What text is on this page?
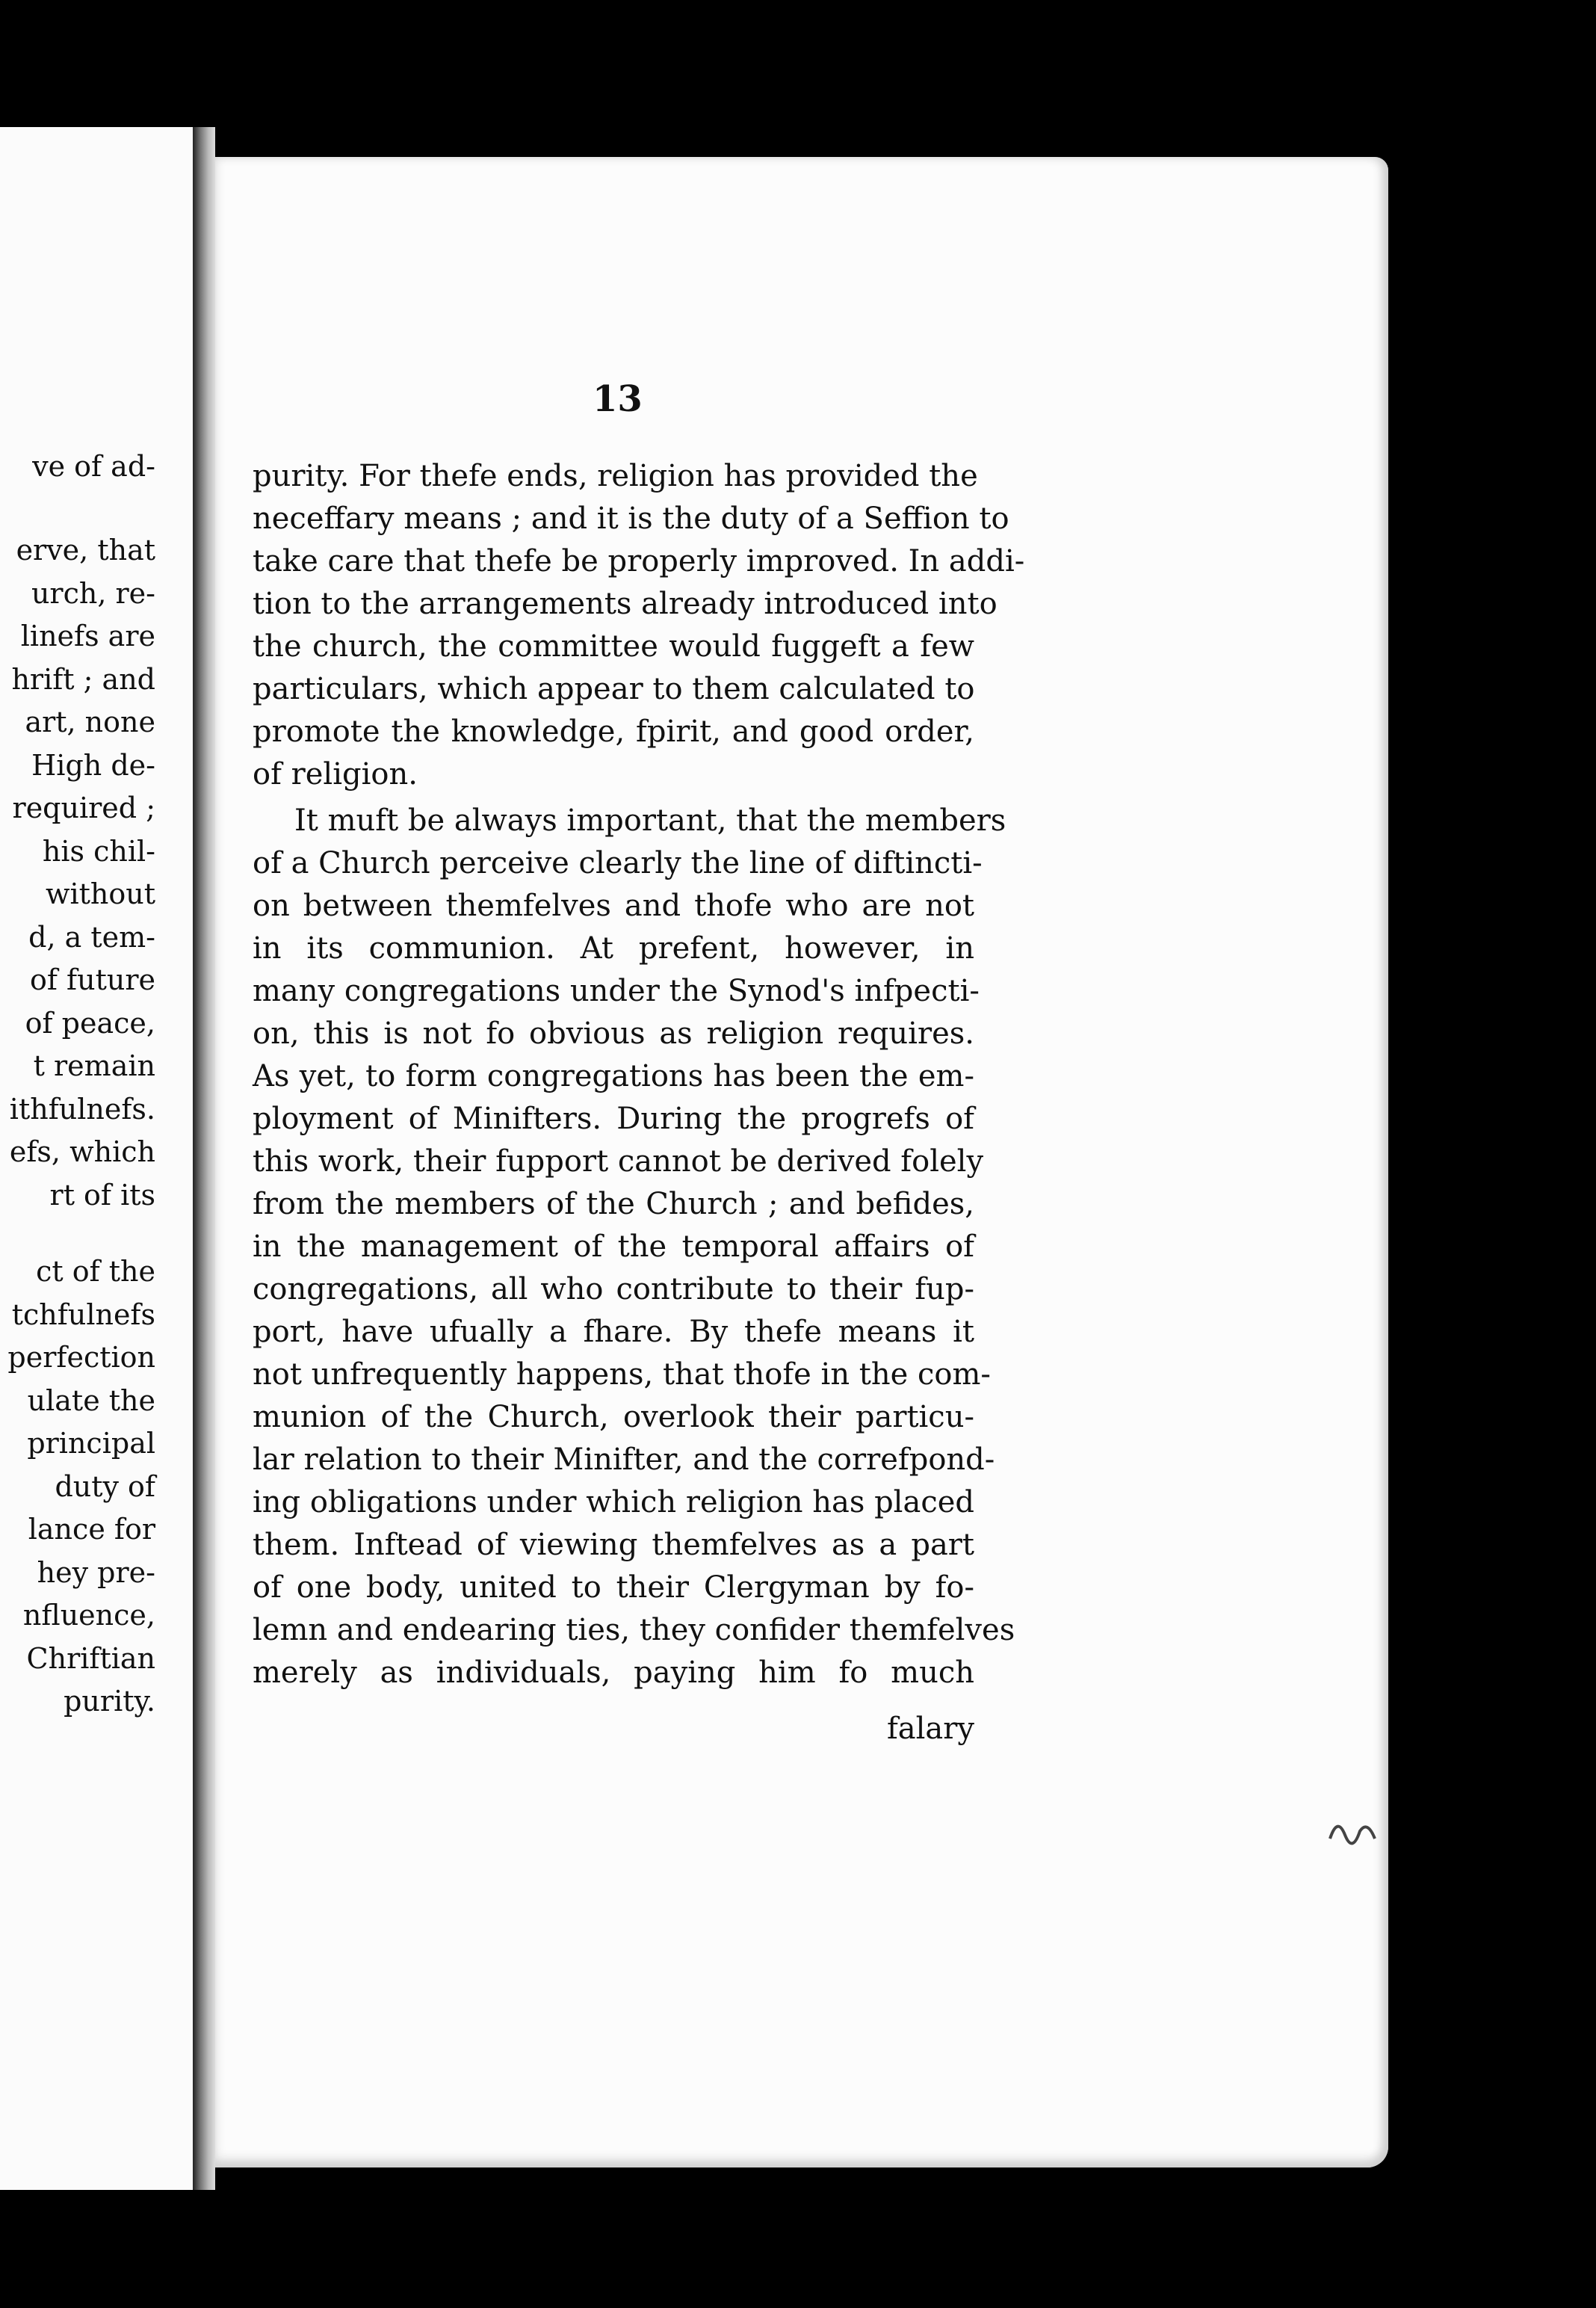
ve of ad-
erve, that
urch, re-
linefs are
hrift ; and
art, none
High de-
required ;
his chil-
without
d, a tem-
of future
of peace,
t remain
ithfulnefs.
efs, which
rt of its
ct of the
tchfulnefs
perfection
ulate the
principal
duty of
lance for
hey pre-
nfluence,
Chriftian
purity.
13
purity. For thefe ends, religion has provided the
neceffary means ; and it is the duty of a Seffion to
take care that thefe be properly improved. In addi-
tion to the arrangements already introduced into
the church, the committee would fuggeft a few
particulars, which appear to them calculated to
promote the knowledge, fpirit, and good order,
of religion.
It muft be always important, that the members
of a Church perceive clearly the line of diftincti-
on between themfelves and thofe who are not
in its communion. At prefent, however, in
many congregations under the Synod's infpecti-
on, this is not fo obvious as religion requires.
As yet, to form congregations has been the em-
ployment of Minifters. During the progrefs of
this work, their fupport cannot be derived folely
from the members of the Church ; and befides,
in the management of the temporal affairs of
congregations, all who contribute to their fup-
port, have ufually a fhare. By thefe means it
not unfrequently happens, that thofe in the com-
munion of the Church, overlook their particu-
lar relation to their Minifter, and the correfpond-
ing obligations under which religion has placed
them. Inftead of viewing themfelves as a part
of one body, united to their Clergyman by fo-
lemn and endearing ties, they confider themfelves
merely as individuals, paying him fo much
falary
